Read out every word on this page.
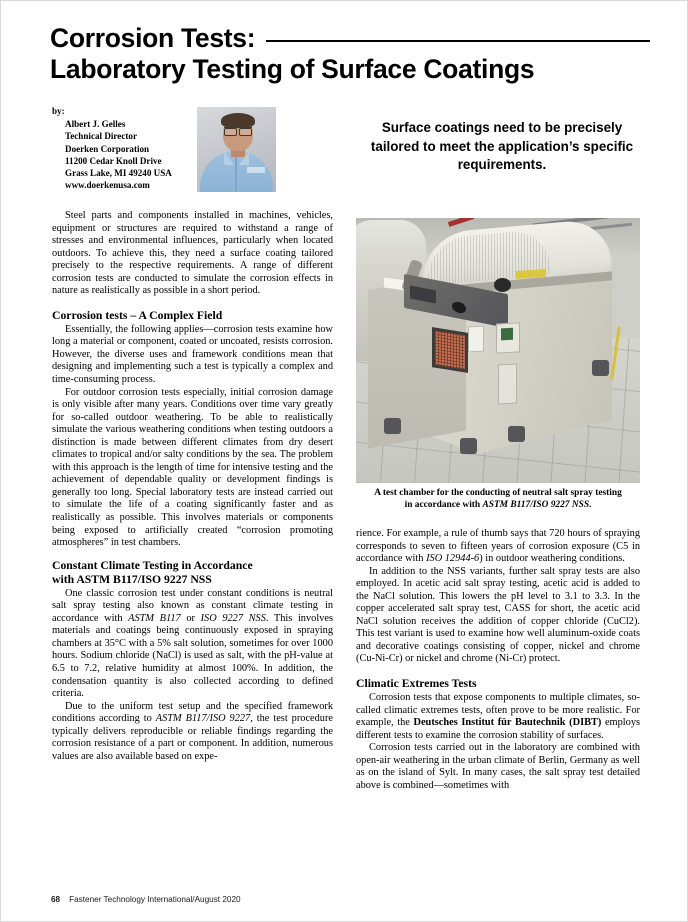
Corrosion Tests:
Laboratory Testing of Surface Coatings
by:
Albert J. Gelles
Technical Director
Doerken Corporation
11200 Cedar Knoll Drive
Grass Lake, MI 49240 USA
www.doerkenusa.com
Surface coatings need to be precisely tailored to meet the application’s specific requirements.
A test chamber for the conducting of neutral salt spray testing
in accordance with ASTM B117/ISO 9227 NSS.

Steel parts and components installed in machines, vehicles, equipment or structures are required to withstand a range of stresses and environmental influences, particularly when located outdoors. To achieve this, they need a surface coating tailored precisely to the respective requirements. A range of different corrosion tests are conducted to simulate the corrosion effects in nature as realistically as possible in a short period.

Corrosion tests – A Complex Field

Essentially, the following applies—corrosion tests examine how long a material or component, coated or uncoated, resists corrosion. However, the diverse uses and framework conditions mean that designing and implementing such a test is typically a complex and time-consuming process.

For outdoor corrosion tests especially, initial corrosion damage is only visible after many years. Conditions over time vary greatly for so-called outdoor weathering. To be able to realistically simulate the various weathering conditions when testing outdoors a distinction is made between different climates from dry desert climates to tropical and/or salty conditions by the sea. The problem with this approach is the length of time for intensive testing and the achievement of dependable quality or development findings is generally too long. Special laboratory tests are instead carried out to simulate the life of a coating significantly faster and as realistically as possible. This involves materials or components being exposed to artificially created “corrosion promoting atmospheres” in test chambers.

Constant Climate Testing in Accordance
with ASTM B117/ISO 9227 NSS

One classic corrosion test under constant conditions is neutral salt spray testing also known as constant climate testing in accordance with ASTM B117 or ISO 9227 NSS. This involves materials and coatings being continuously exposed in spraying chambers at 35°C with a 5% salt solution, sometimes for over 1000 hours. Sodium chloride (NaCl) is used as salt, with the pH-value at 6.5 to 7.2, relative humidity at almost 100%. In addition, the condensation quantity is also collected according to defined criteria.

Due to the uniform test setup and the specified framework conditions according to ASTM B117/ISO 9227, the test procedure typically delivers reproducible or reliable findings regarding the corrosion resistance of a part or component. In addition, numerous values are also available based on expe-

rience. For example, a rule of thumb says that 720 hours of spraying corresponds to seven to fifteen years of corrosion exposure (C5 in accordance with ISO 12944-6) in outdoor weathering conditions.

In addition to the NSS variants, further salt spray tests are also employed. In acetic acid salt spray testing, acetic acid is added to the NaCl solution. This lowers the pH level to 3.1 to 3.3. In the copper accelerated salt spray test, CASS for short, the acetic acid NaCl solution receives the addition of copper chloride (CuCl2). This test variant is used to examine how well aluminum-oxide coats and decorative coatings consisting of copper, nickel and chrome (Cu-Ni-Cr) or nickel and chrome (Ni-Cr) protect.

Climatic Extremes Tests

Corrosion tests that expose components to multiple climates, so-called climatic extremes tests, often prove to be more realistic. For example, the Deutsches Institut für Bautechnik (DIBT) employs different tests to examine the corrosion stability of surfaces.

Corrosion tests carried out in the laboratory are combined with open-air weathering in the urban climate of Berlin, Germany as well as on the island of Sylt. In many cases, the salt spray test detailed above is combined—sometimes with

68 Fastener Technology International/August 2020
